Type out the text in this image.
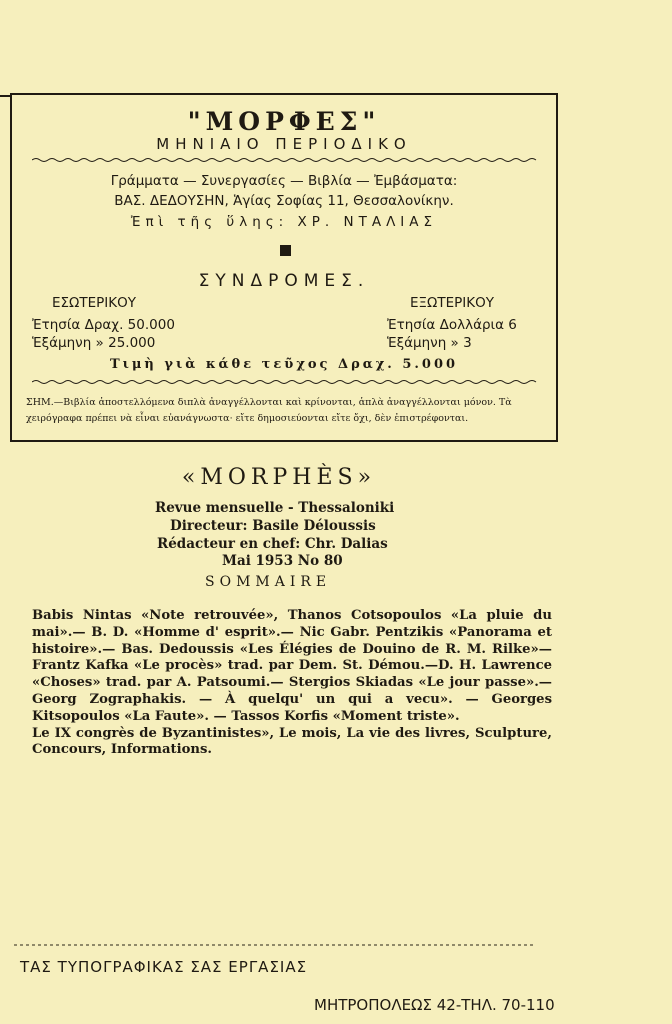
"ΜΟΡΦΕΣ"
ΜΗΝΙΑΙΟ ΠΕΡΙΟΔΙΚΟ
Γράμματα — Συνεργασίες — Βιβλία — Ἐμβάσματα:
ΒΑΣ. ΔΕΔΟΥΣΗΝ, Ἁγίας Σοφίας 11, Θεσσαλονίκην.
Ἐπὶ τῆς ὕλης: ΧΡ. ΝΤΑΛΙΑΣ
ΣΥΝΔΡΟΜΕΣ.
ΕΣΩΤΕΡΙΚΟΥ
Ἐτησία Δραχ. 50.000
Ἑξάμηνη » 25.000
ΕΞΩΤΕΡΙΚΟΥ
Ἐτησία Δολλάρια 6
Ἑξάμηνη » 3
Τιμὴ γιὰ κάθε τεῦχος Δραχ. 5.000
ΣΗΜ.—Βιβλία ἀποστελλόμενα διπλὰ ἀναγγέλλονται καὶ κρίνονται, ἁπλὰ ἀναγγέλλονται μόνον. Τὰ χειρόγραφα πρέπει νὰ εἶναι εὐανάγνωστα· εἴτε δημοσιεύονται εἴτε ὄχι, δὲν ἐπιστρέφονται.
«MORPHÈS»
Revue mensuelle - Thessaloniki
Directeur: Basile Déloussis
Rédacteur en chef: Chr. Dalias
Mai 1953 No 80
SOMMAIRE

Babis Nintas «Note retrouvée», Thanos Cotsopoulos «La pluie du mai».— B. D. «Homme d' esprit».— Nic Gabr. Pentzikis «Panorama et histoire».— Bas. Dedoussis «Les Élégies de Douino de R. M. Rilke»— Frantz Kafka «Le procès» trad. par Dem. St. Démou.—D. H. Lawrence «Choses» trad. par A. Patsoumi.— Stergios Skiadas «Le jour passe».— Georg Zographakis. — À quelqu' un qui a vecu». — Georges Kitsopoulos «La Faute». — Tassos Korfis «Moment triste».

Le IX congrès de Byzantinistes», Le mois, La vie des livres, Sculpture, Concours, Informations.

ΤΑΣ ΤΥΠΟΓΡΑΦΙΚΑΣ ΣΑΣ ΕΡΓΑΣΙΑΣ
ΜΗΤΡΟΠΟΛΕΩΣ 42-ΤΗΛ. 70-110
